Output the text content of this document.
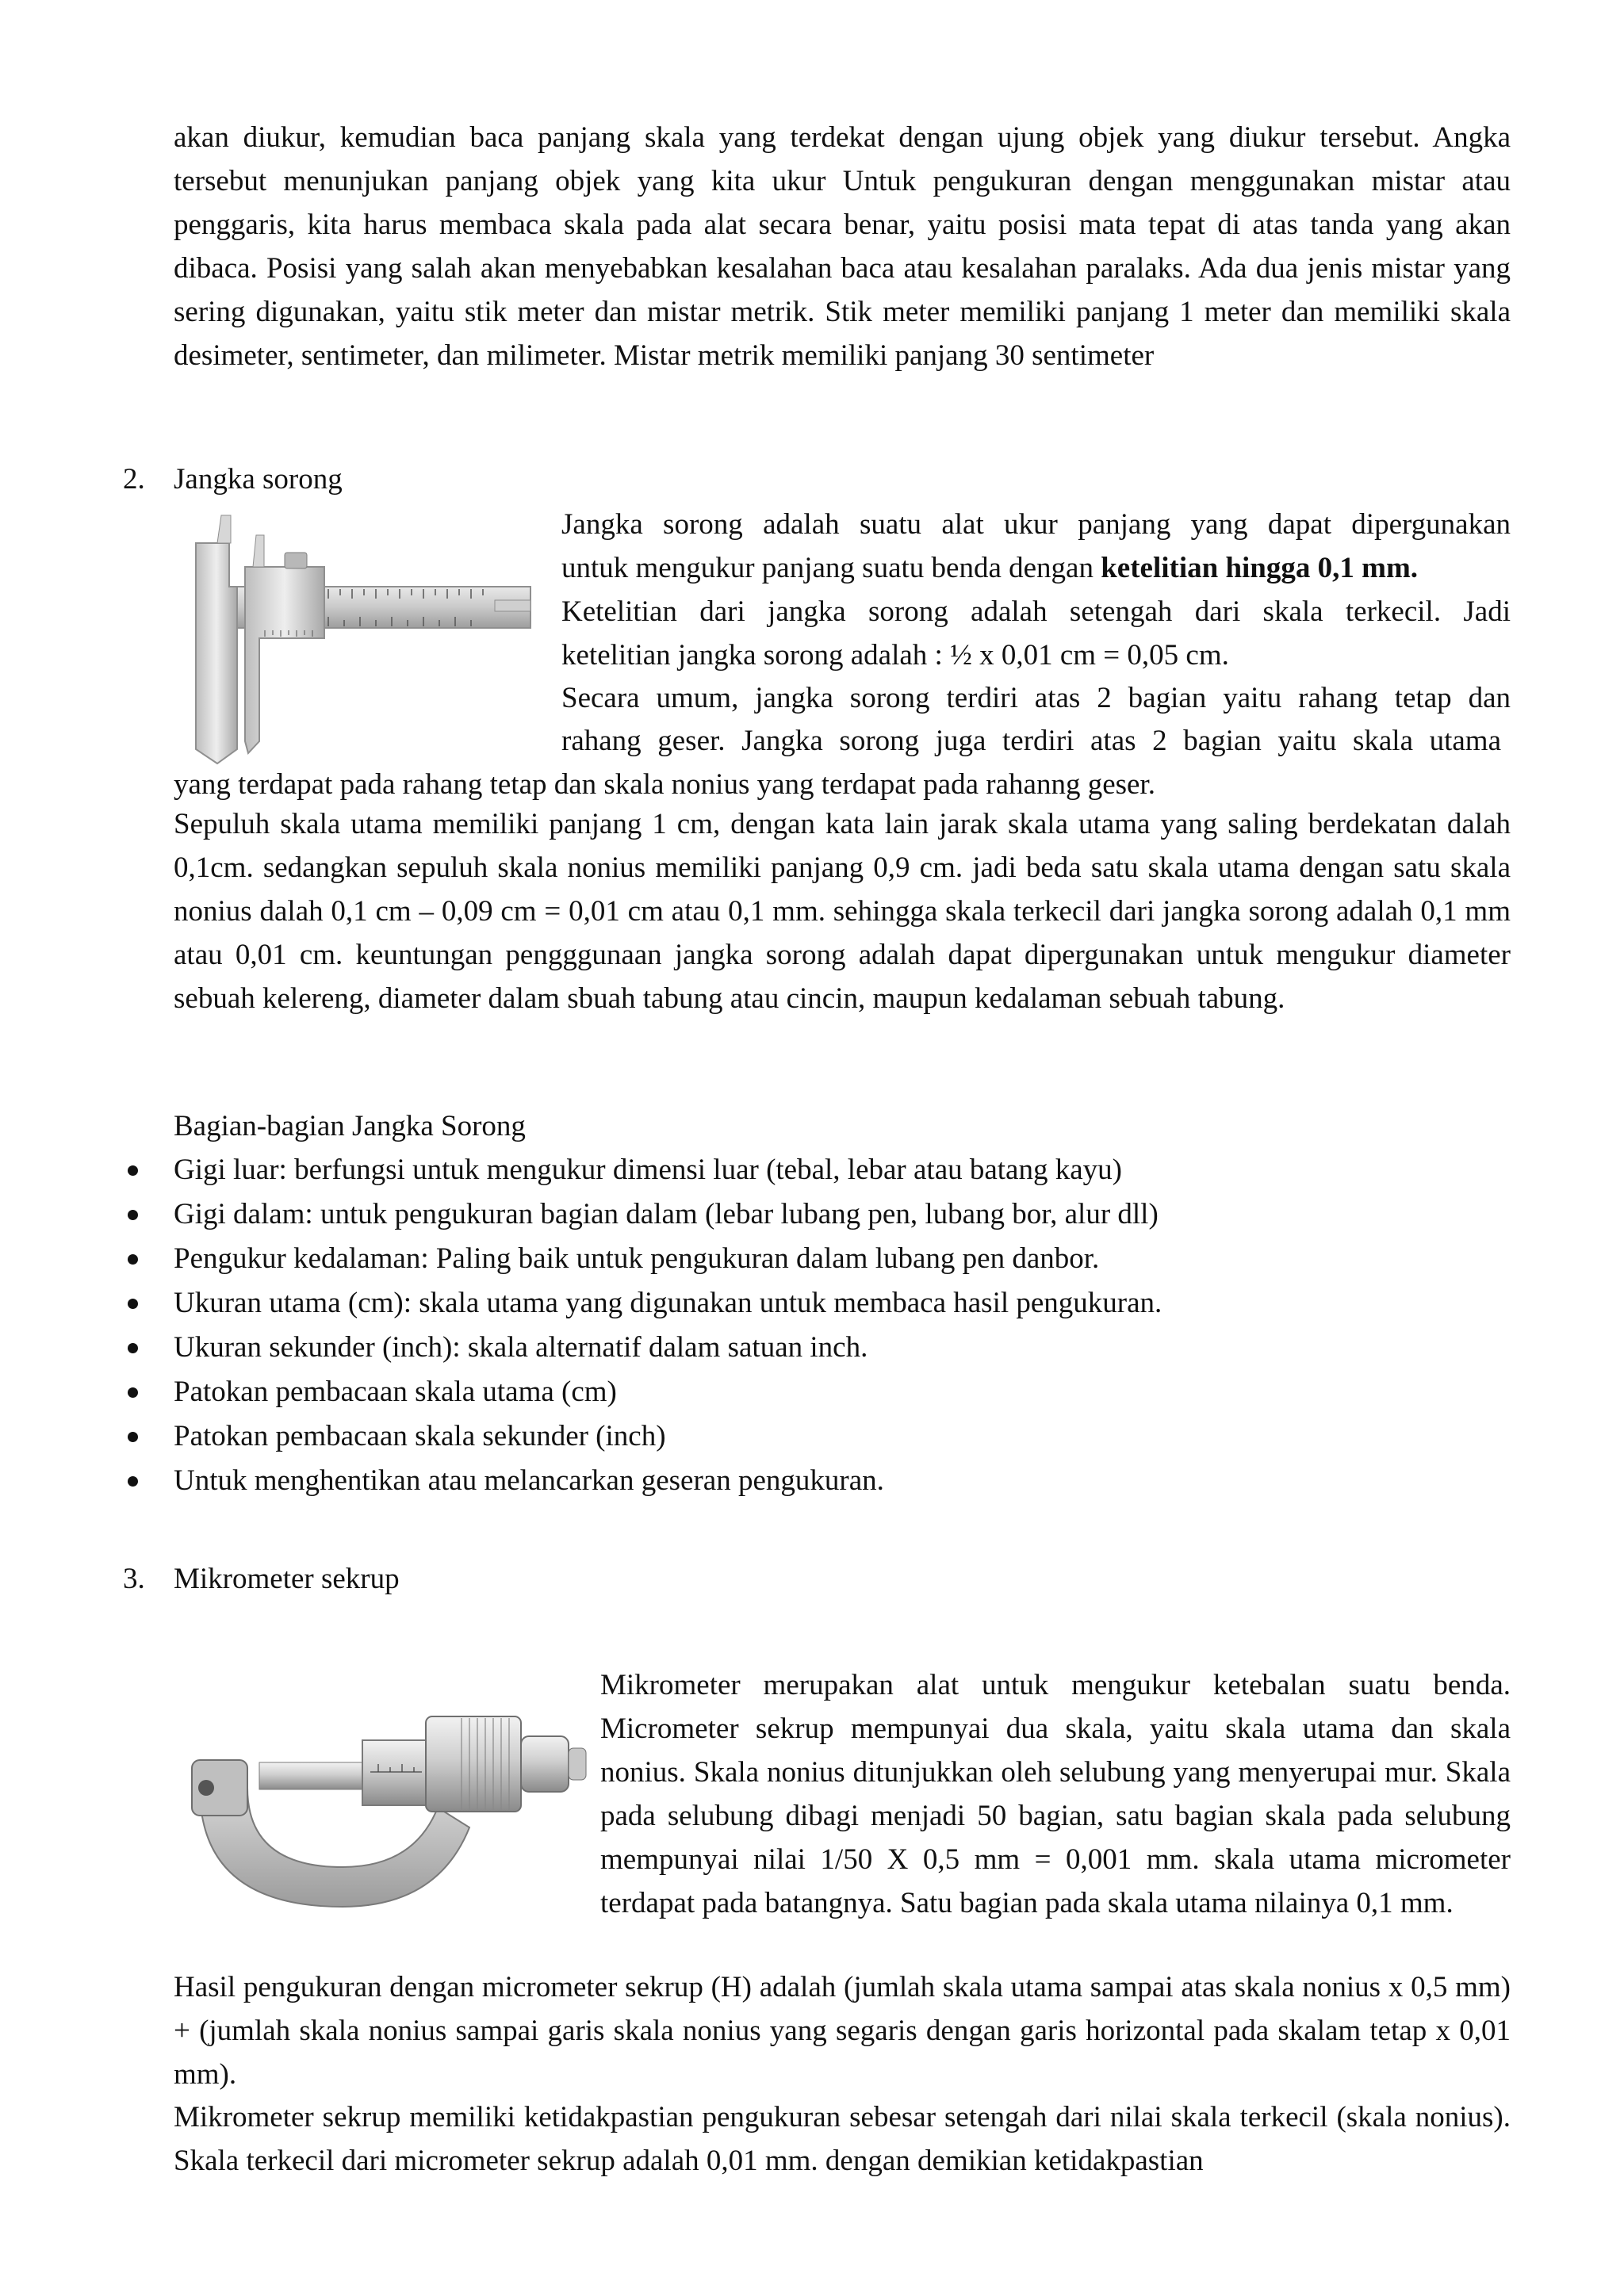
akan diukur, kemudian baca panjang skala yang terdekat dengan ujung objek yang diukur tersebut. Angka tersebut menunjukan panjang objek yang kita ukur Untuk pengukuran dengan menggunakan mistar atau penggaris, kita harus membaca skala pada alat secara benar, yaitu posisi mata tepat di atas tanda yang akan dibaca. Posisi yang salah akan menyebabkan kesalahan baca atau kesalahan paralaks. Ada dua jenis mistar yang sering digunakan, yaitu stik meter dan mistar metrik. Stik meter memiliki panjang 1 meter dan memiliki skala desimeter, sentimeter, dan milimeter. Mistar metrik memiliki panjang 30 sentimeter

2. Jangka sorong
Jangka sorong adalah suatu alat ukur panjang yang dapat dipergunakan
untuk mengukur panjang suatu benda dengan ketelitian hingga 0,1 mm.
Ketelitian dari jangka sorong adalah setengah dari skala terkecil. Jadi
ketelitian jangka sorong adalah : ½ x 0,01 cm = 0,05 cm.
Secara umum, jangka sorong terdiri atas 2 bagian yaitu rahang tetap dan
rahang geser. Jangka sorong juga terdiri atas 2 bagian yaitu skala utama
yang terdapat pada rahang tetap dan skala nonius yang terdapat pada rahanng geser.

Sepuluh skala utama memiliki panjang 1 cm, dengan kata lain jarak skala utama yang saling berdekatan dalah 0,1cm. sedangkan sepuluh skala nonius memiliki panjang 0,9 cm. jadi beda satu skala utama dengan satu skala nonius dalah 0,1 cm – 0,09 cm = 0,01 cm atau 0,1 mm. sehingga skala terkecil dari jangka sorong adalah 0,1 mm atau 0,01 cm. keuntungan pengggunaan jangka sorong adalah dapat dipergunakan untuk mengukur diameter sebuah kelereng, diameter dalam sbuah tabung atau cincin, maupun kedalaman sebuah tabung.

Bagian-bagian Jangka Sorong
Gigi luar: berfungsi untuk mengukur dimensi luar (tebal, lebar atau batang kayu)
Gigi dalam: untuk pengukuran bagian dalam (lebar lubang pen, lubang bor, alur dll)
Pengukur kedalaman: Paling baik untuk pengukuran dalam lubang pen danbor.
Ukuran utama (cm): skala utama yang digunakan untuk membaca hasil pengukuran.
Ukuran sekunder (inch): skala alternatif dalam satuan inch.
Patokan pembacaan skala utama (cm)
Patokan pembacaan skala sekunder (inch)
Untuk menghentikan atau melancarkan geseran pengukuran.
3. Mikrometer sekrup

Mikrometer merupakan alat untuk mengukur ketebalan suatu benda. Micrometer sekrup mempunyai dua skala, yaitu skala utama dan skala nonius. Skala nonius ditunjukkan oleh selubung yang menyerupai mur. Skala pada selubung dibagi menjadi 50 bagian, satu bagian skala pada selubung mempunyai nilai 1/50 X 0,5 mm = 0,001 mm. skala utama micrometer terdapat pada batangnya. Satu bagian pada skala utama nilainya 0,1 mm.

Hasil pengukuran dengan micrometer sekrup (H) adalah (jumlah skala utama sampai atas skala nonius x 0,5 mm) + (jumlah skala nonius sampai garis skala nonius yang segaris dengan garis horizontal pada skalam tetap x 0,01 mm).

Mikrometer sekrup memiliki ketidakpastian pengukuran sebesar setengah dari nilai skala terkecil (skala nonius). Skala terkecil dari micrometer sekrup adalah 0,01 mm. dengan demikian ketidakpastian
